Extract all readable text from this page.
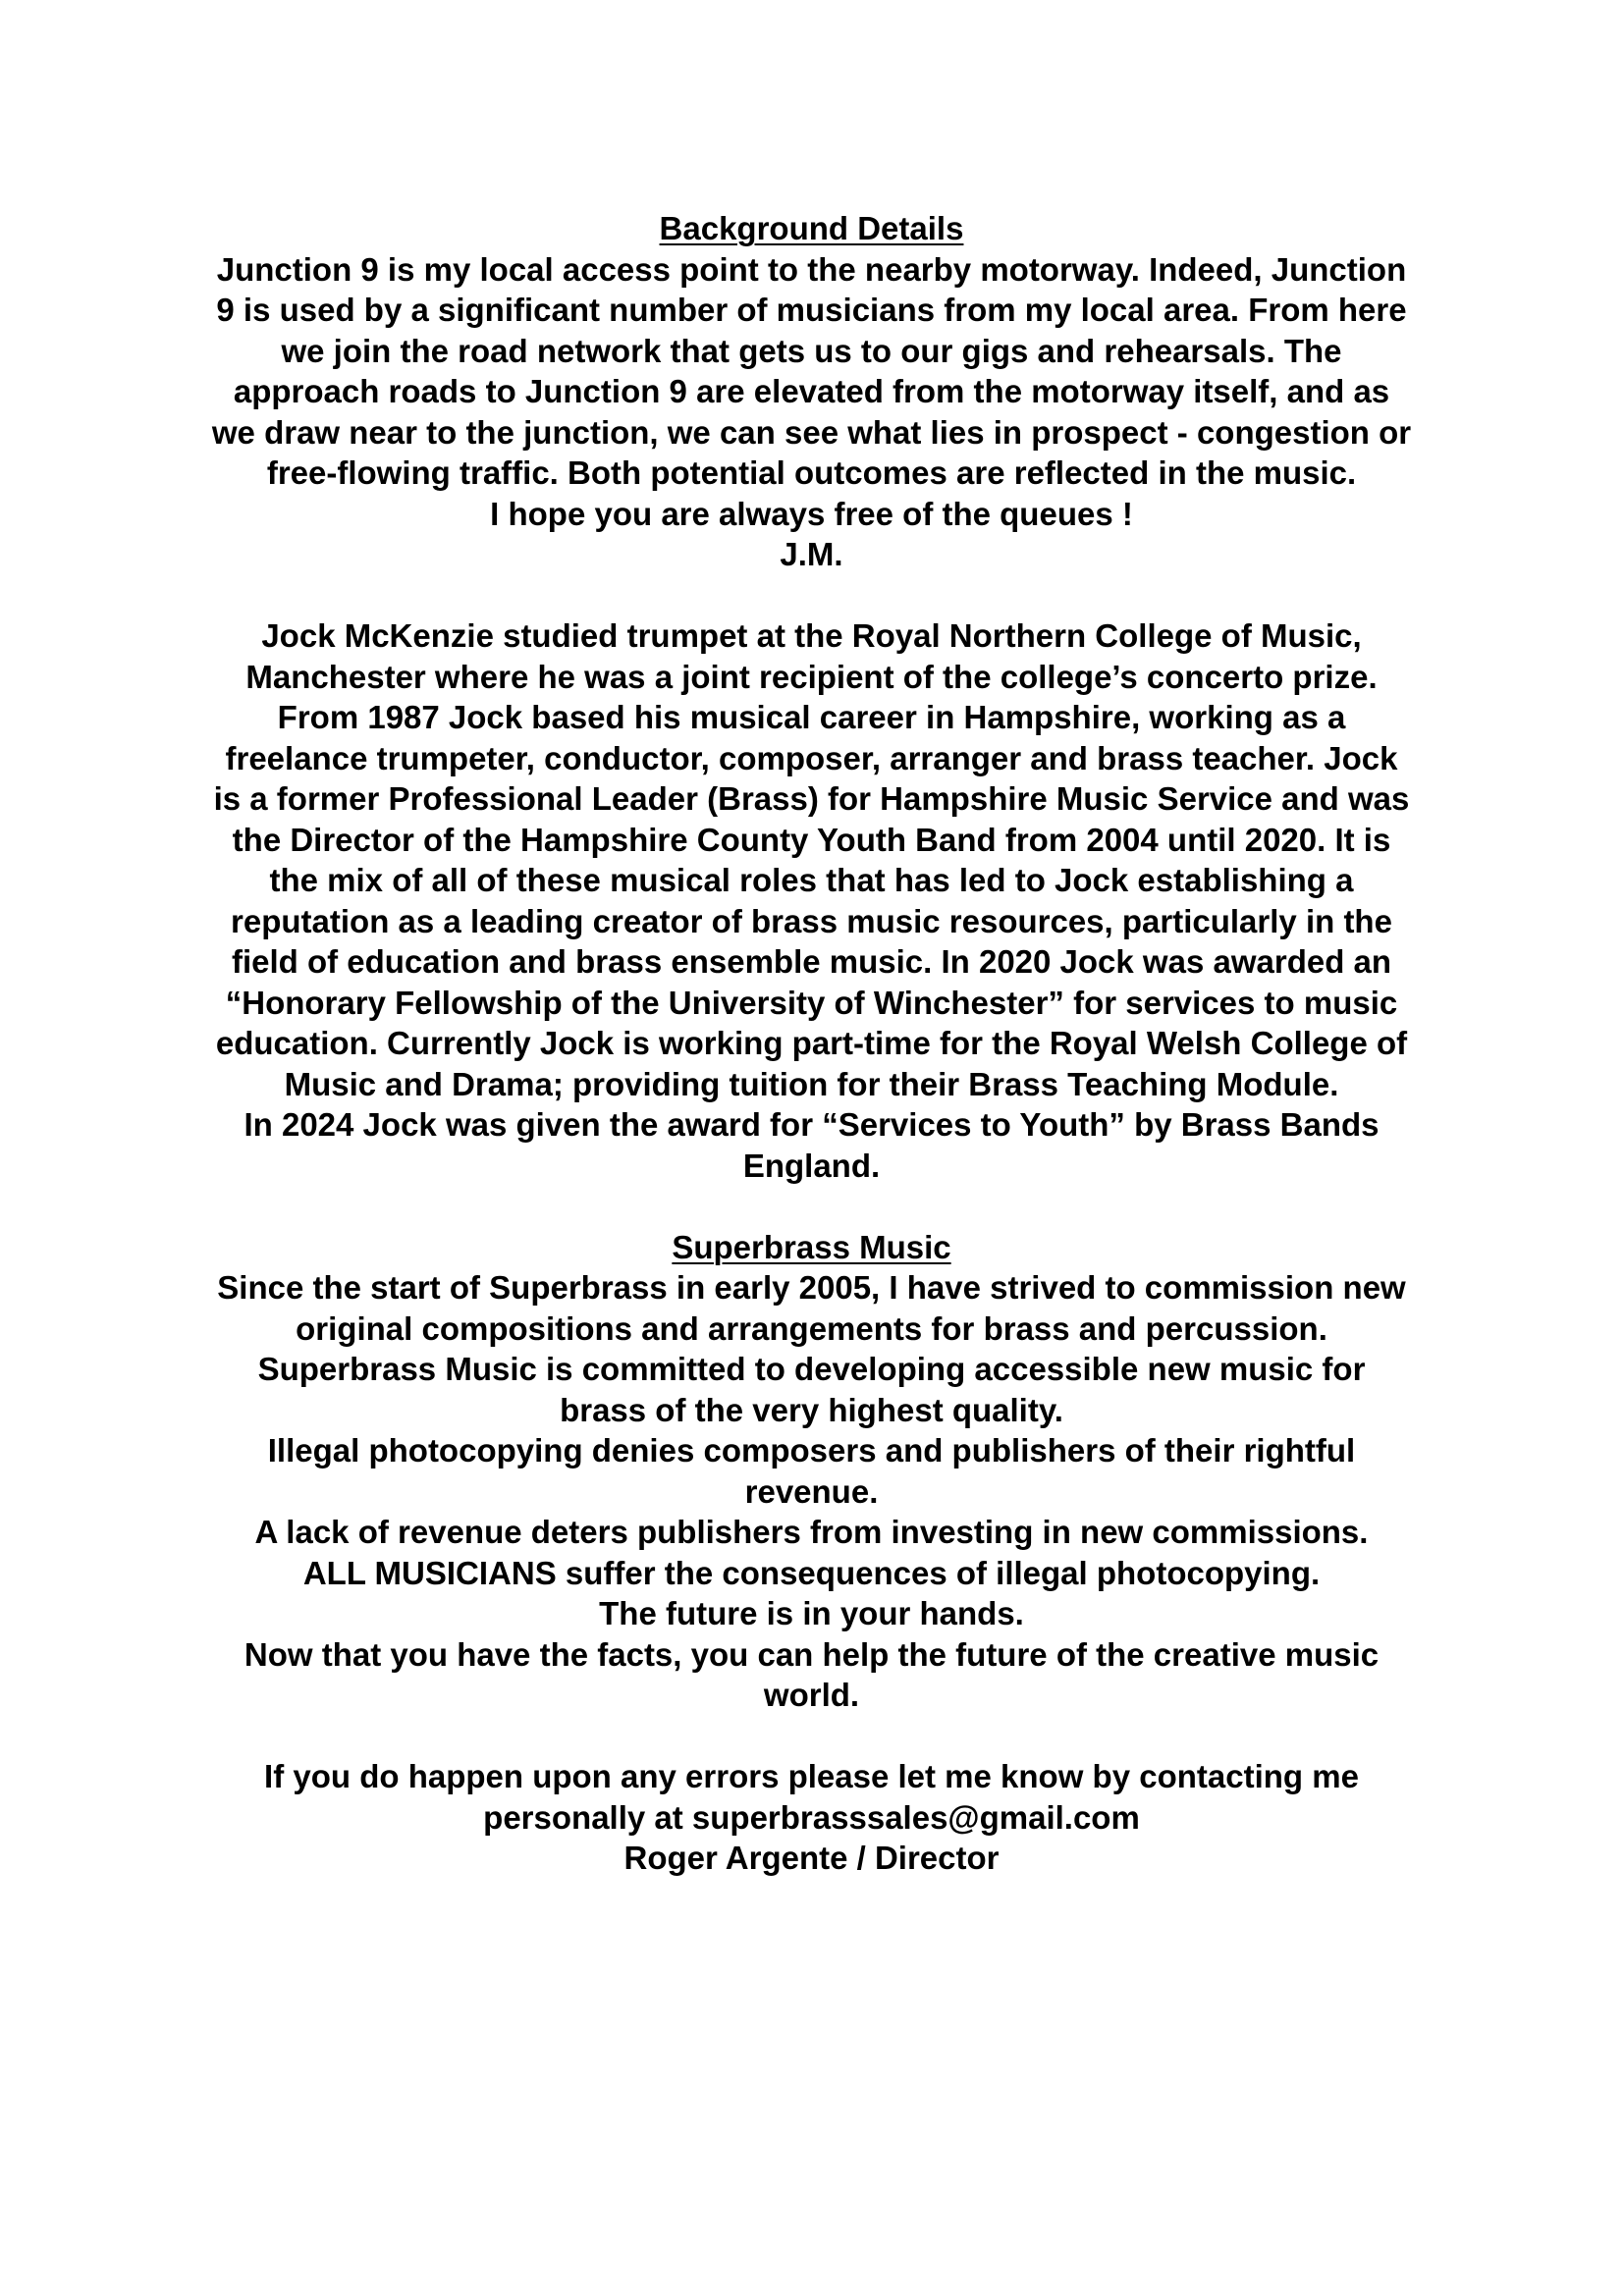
Background Details
Junction 9 is my local access point to the nearby motorway. Indeed, Junction
9 is used by a significant number of musicians from my local area. From here
we join the road network that gets us to our gigs and rehearsals. The
approach roads to Junction 9 are elevated from the motorway itself, and as
we draw near to the junction, we can see what lies in prospect - congestion or
free-flowing traffic. Both potential outcomes are reflected in the music.
I hope you are always free of the queues !
J.M.
Jock McKenzie studied trumpet at the Royal Northern College of Music,
Manchester where he was a joint recipient of the college’s concerto prize.
From 1987 Jock based his musical career in Hampshire, working as a
freelance trumpeter, conductor, composer, arranger and brass teacher. Jock
is a former Professional Leader (Brass) for Hampshire Music Service and was
the Director of the Hampshire County Youth Band from 2004 until 2020. It is
the mix of all of these musical roles that has led to Jock establishing a
reputation as a leading creator of brass music resources, particularly in the
field of education and brass ensemble music. In 2020 Jock was awarded an
“Honorary Fellowship of the University of Winchester” for services to music
education. Currently Jock is working part-time for the Royal Welsh College of
Music and Drama; providing tuition for their Brass Teaching Module.
In 2024 Jock was given the award for “Services to Youth” by Brass Bands
England.
Superbrass Music
Since the start of Superbrass in early 2005, I have strived to commission new
original compositions and arrangements for brass and percussion.
Superbrass Music is committed to developing accessible new music for
brass of the very highest quality.
Illegal photocopying denies composers and publishers of their rightful
revenue.
A lack of revenue deters publishers from investing in new commissions.
ALL MUSICIANS suffer the consequences of illegal photocopying.
The future is in your hands.
Now that you have the facts, you can help the future of the creative music
world.
If you do happen upon any errors please let me know by contacting me
personally at superbrasssales@gmail.com
Roger Argente / Director
